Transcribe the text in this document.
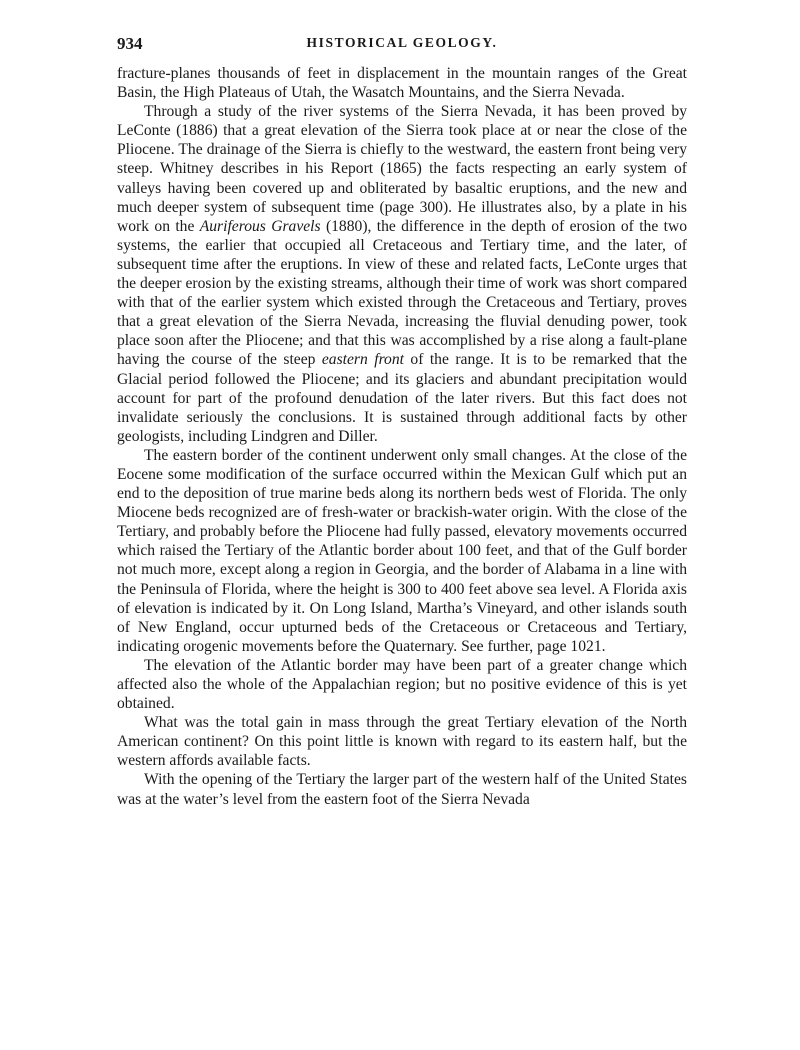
934	HISTORICAL GEOLOGY.

fracture-planes thousands of feet in displacement in the mountain ranges of the Great Basin, the High Plateaus of Utah, the Wasatch Mountains, and the Sierra Nevada.

Through a study of the river systems of the Sierra Nevada, it has been proved by LeConte (1886) that a great elevation of the Sierra took place at or near the close of the Pliocene. The drainage of the Sierra is chiefly to the westward, the eastern front being very steep. Whitney describes in his Report (1865) the facts respecting an early system of valleys having been covered up and obliterated by basaltic eruptions, and the new and much deeper system of subsequent time (page 300). He illustrates also, by a plate in his work on the Auriferous Gravels (1880), the difference in the depth of erosion of the two systems, the earlier that occupied all Cretaceous and Tertiary time, and the later, of subsequent time after the eruptions. In view of these and related facts, LeConte urges that the deeper erosion by the existing streams, although their time of work was short compared with that of the earlier system which existed through the Cretaceous and Tertiary, proves that a great elevation of the Sierra Nevada, increasing the fluvial denuding power, took place soon after the Pliocene; and that this was accomplished by a rise along a fault-plane having the course of the steep eastern front of the range. It is to be remarked that the Glacial period followed the Pliocene; and its glaciers and abundant precipitation would account for part of the profound denudation of the later rivers. But this fact does not invalidate seriously the conclusions. It is sustained through additional facts by other geologists, including Lindgren and Diller.

The eastern border of the continent underwent only small changes. At the close of the Eocene some modification of the surface occurred within the Mexican Gulf which put an end to the deposition of true marine beds along its northern beds west of Florida. The only Miocene beds recognized are of fresh-water or brackish-water origin. With the close of the Tertiary, and probably before the Pliocene had fully passed, elevatory movements occurred which raised the Tertiary of the Atlantic border about 100 feet, and that of the Gulf border not much more, except along a region in Georgia, and the border of Alabama in a line with the Peninsula of Florida, where the height is 300 to 400 feet above sea level. A Florida axis of elevation is indicated by it. On Long Island, Martha’s Vineyard, and other islands south of New England, occur upturned beds of the Cretaceous or Cretaceous and Tertiary, indicating orogenic movements before the Quaternary. See further, page 1021.

The elevation of the Atlantic border may have been part of a greater change which affected also the whole of the Appalachian region; but no positive evidence of this is yet obtained.

What was the total gain in mass through the great Tertiary elevation of the North American continent? On this point little is known with regard to its eastern half, but the western affords available facts.

With the opening of the Tertiary the larger part of the western half of the United States was at the water’s level from the eastern foot of the Sierra Nevada
